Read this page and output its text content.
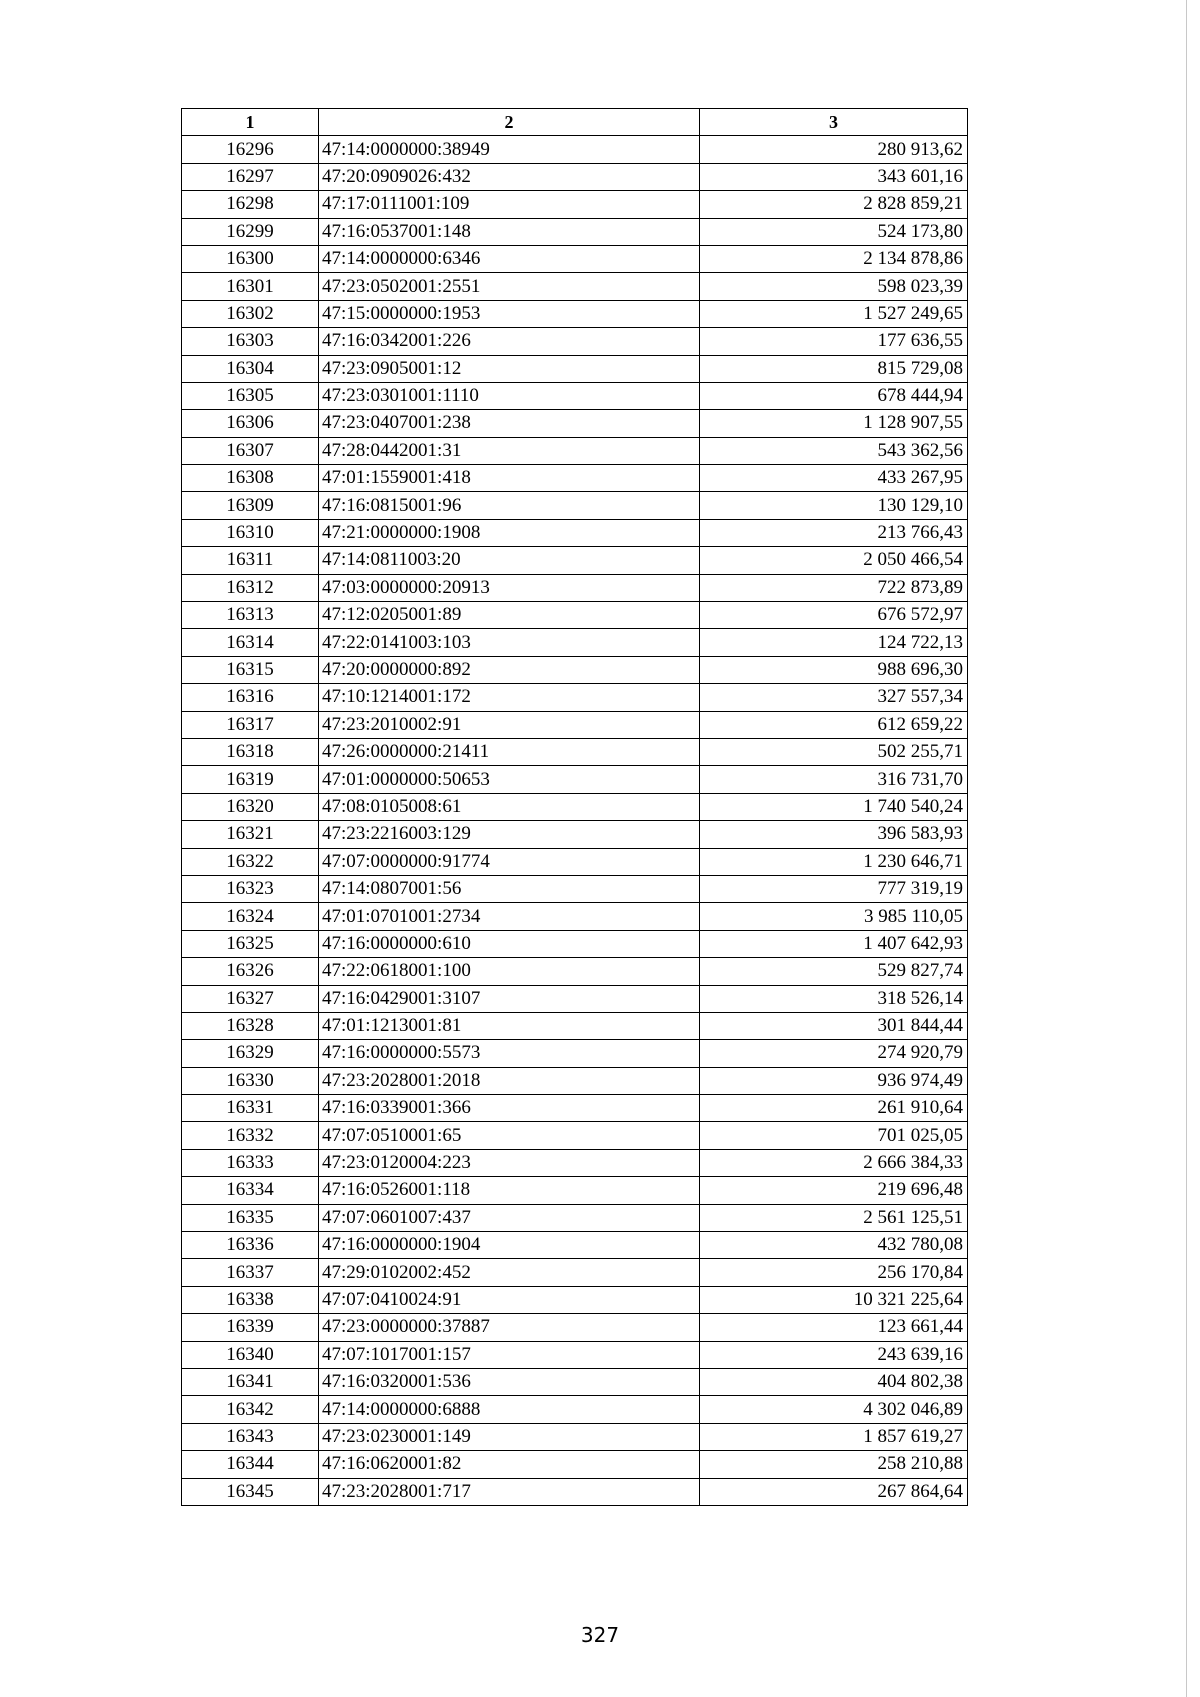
1	2	3
16296	47:14:0000000:38949	280 913,62
16297	47:20:0909026:432	343 601,16
16298	47:17:0111001:109	2 828 859,21
16299	47:16:0537001:148	524 173,80
16300	47:14:0000000:6346	2 134 878,86
16301	47:23:0502001:2551	598 023,39
16302	47:15:0000000:1953	1 527 249,65
16303	47:16:0342001:226	177 636,55
16304	47:23:0905001:12	815 729,08
16305	47:23:0301001:1110	678 444,94
16306	47:23:0407001:238	1 128 907,55
16307	47:28:0442001:31	543 362,56
16308	47:01:1559001:418	433 267,95
16309	47:16:0815001:96	130 129,10
16310	47:21:0000000:1908	213 766,43
16311	47:14:0811003:20	2 050 466,54
16312	47:03:0000000:20913	722 873,89
16313	47:12:0205001:89	676 572,97
16314	47:22:0141003:103	124 722,13
16315	47:20:0000000:892	988 696,30
16316	47:10:1214001:172	327 557,34
16317	47:23:2010002:91	612 659,22
16318	47:26:0000000:21411	502 255,71
16319	47:01:0000000:50653	316 731,70
16320	47:08:0105008:61	1 740 540,24
16321	47:23:2216003:129	396 583,93
16322	47:07:0000000:91774	1 230 646,71
16323	47:14:0807001:56	777 319,19
16324	47:01:0701001:2734	3 985 110,05
16325	47:16:0000000:610	1 407 642,93
16326	47:22:0618001:100	529 827,74
16327	47:16:0429001:3107	318 526,14
16328	47:01:1213001:81	301 844,44
16329	47:16:0000000:5573	274 920,79
16330	47:23:2028001:2018	936 974,49
16331	47:16:0339001:366	261 910,64
16332	47:07:0510001:65	701 025,05
16333	47:23:0120004:223	2 666 384,33
16334	47:16:0526001:118	219 696,48
16335	47:07:0601007:437	2 561 125,51
16336	47:16:0000000:1904	432 780,08
16337	47:29:0102002:452	256 170,84
16338	47:07:0410024:91	10 321 225,64
16339	47:23:0000000:37887	123 661,44
16340	47:07:1017001:157	243 639,16
16341	47:16:0320001:536	404 802,38
16342	47:14:0000000:6888	4 302 046,89
16343	47:23:0230001:149	1 857 619,27
16344	47:16:0620001:82	258 210,88
16345	47:23:2028001:717	267 864,64
327
